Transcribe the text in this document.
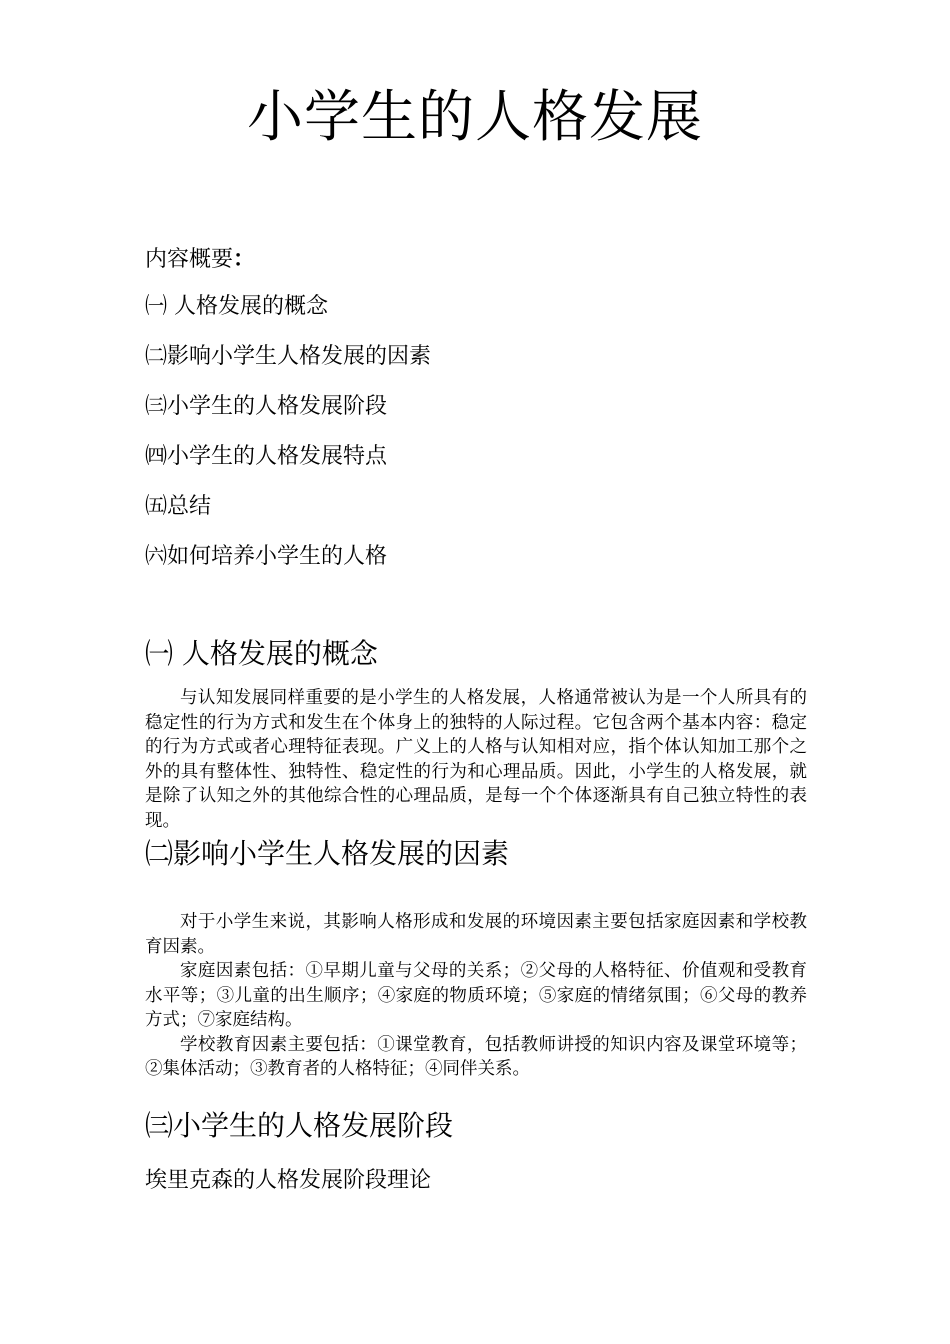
小学生的人格发展
内容概要：
㈠ 人格发展的概念
㈡影响小学生人格发展的因素
㈢小学生的人格发展阶段
㈣小学生的人格发展特点
㈤总结
㈥如何培养小学生的人格
㈠ 人格发展的概念

与认知发展同样重要的是小学生的人格发展，人格通常被认为是一个人所具有的稳定性的行为方式和发生在个体身上的独特的人际过程。它包含两个基本内容：稳定的行为方式或者心理特征表现。广义上的人格与认知相对应，指个体认知加工那个之外的具有整体性、独特性、稳定性的行为和心理品质。因此，小学生的人格发展，就是除了认知之外的其他综合性的心理品质，是每一个个体逐渐具有自己独立特性的表现。

㈡影响小学生人格发展的因素

对于小学生来说，其影响人格形成和发展的环境因素主要包括家庭因素和学校教育因素。

家庭因素包括：①早期儿童与父母的关系；②父母的人格特征、价值观和受教育水平等；③儿童的出生顺序；④家庭的物质环境；⑤家庭的情绪氛围；⑥父母的教养方式；⑦家庭结构。

学校教育因素主要包括：①课堂教育，包括教师讲授的知识内容及课堂环境等；②集体活动；③教育者的人格特征；④同伴关系。

㈢小学生的人格发展阶段
埃里克森的人格发展阶段理论
